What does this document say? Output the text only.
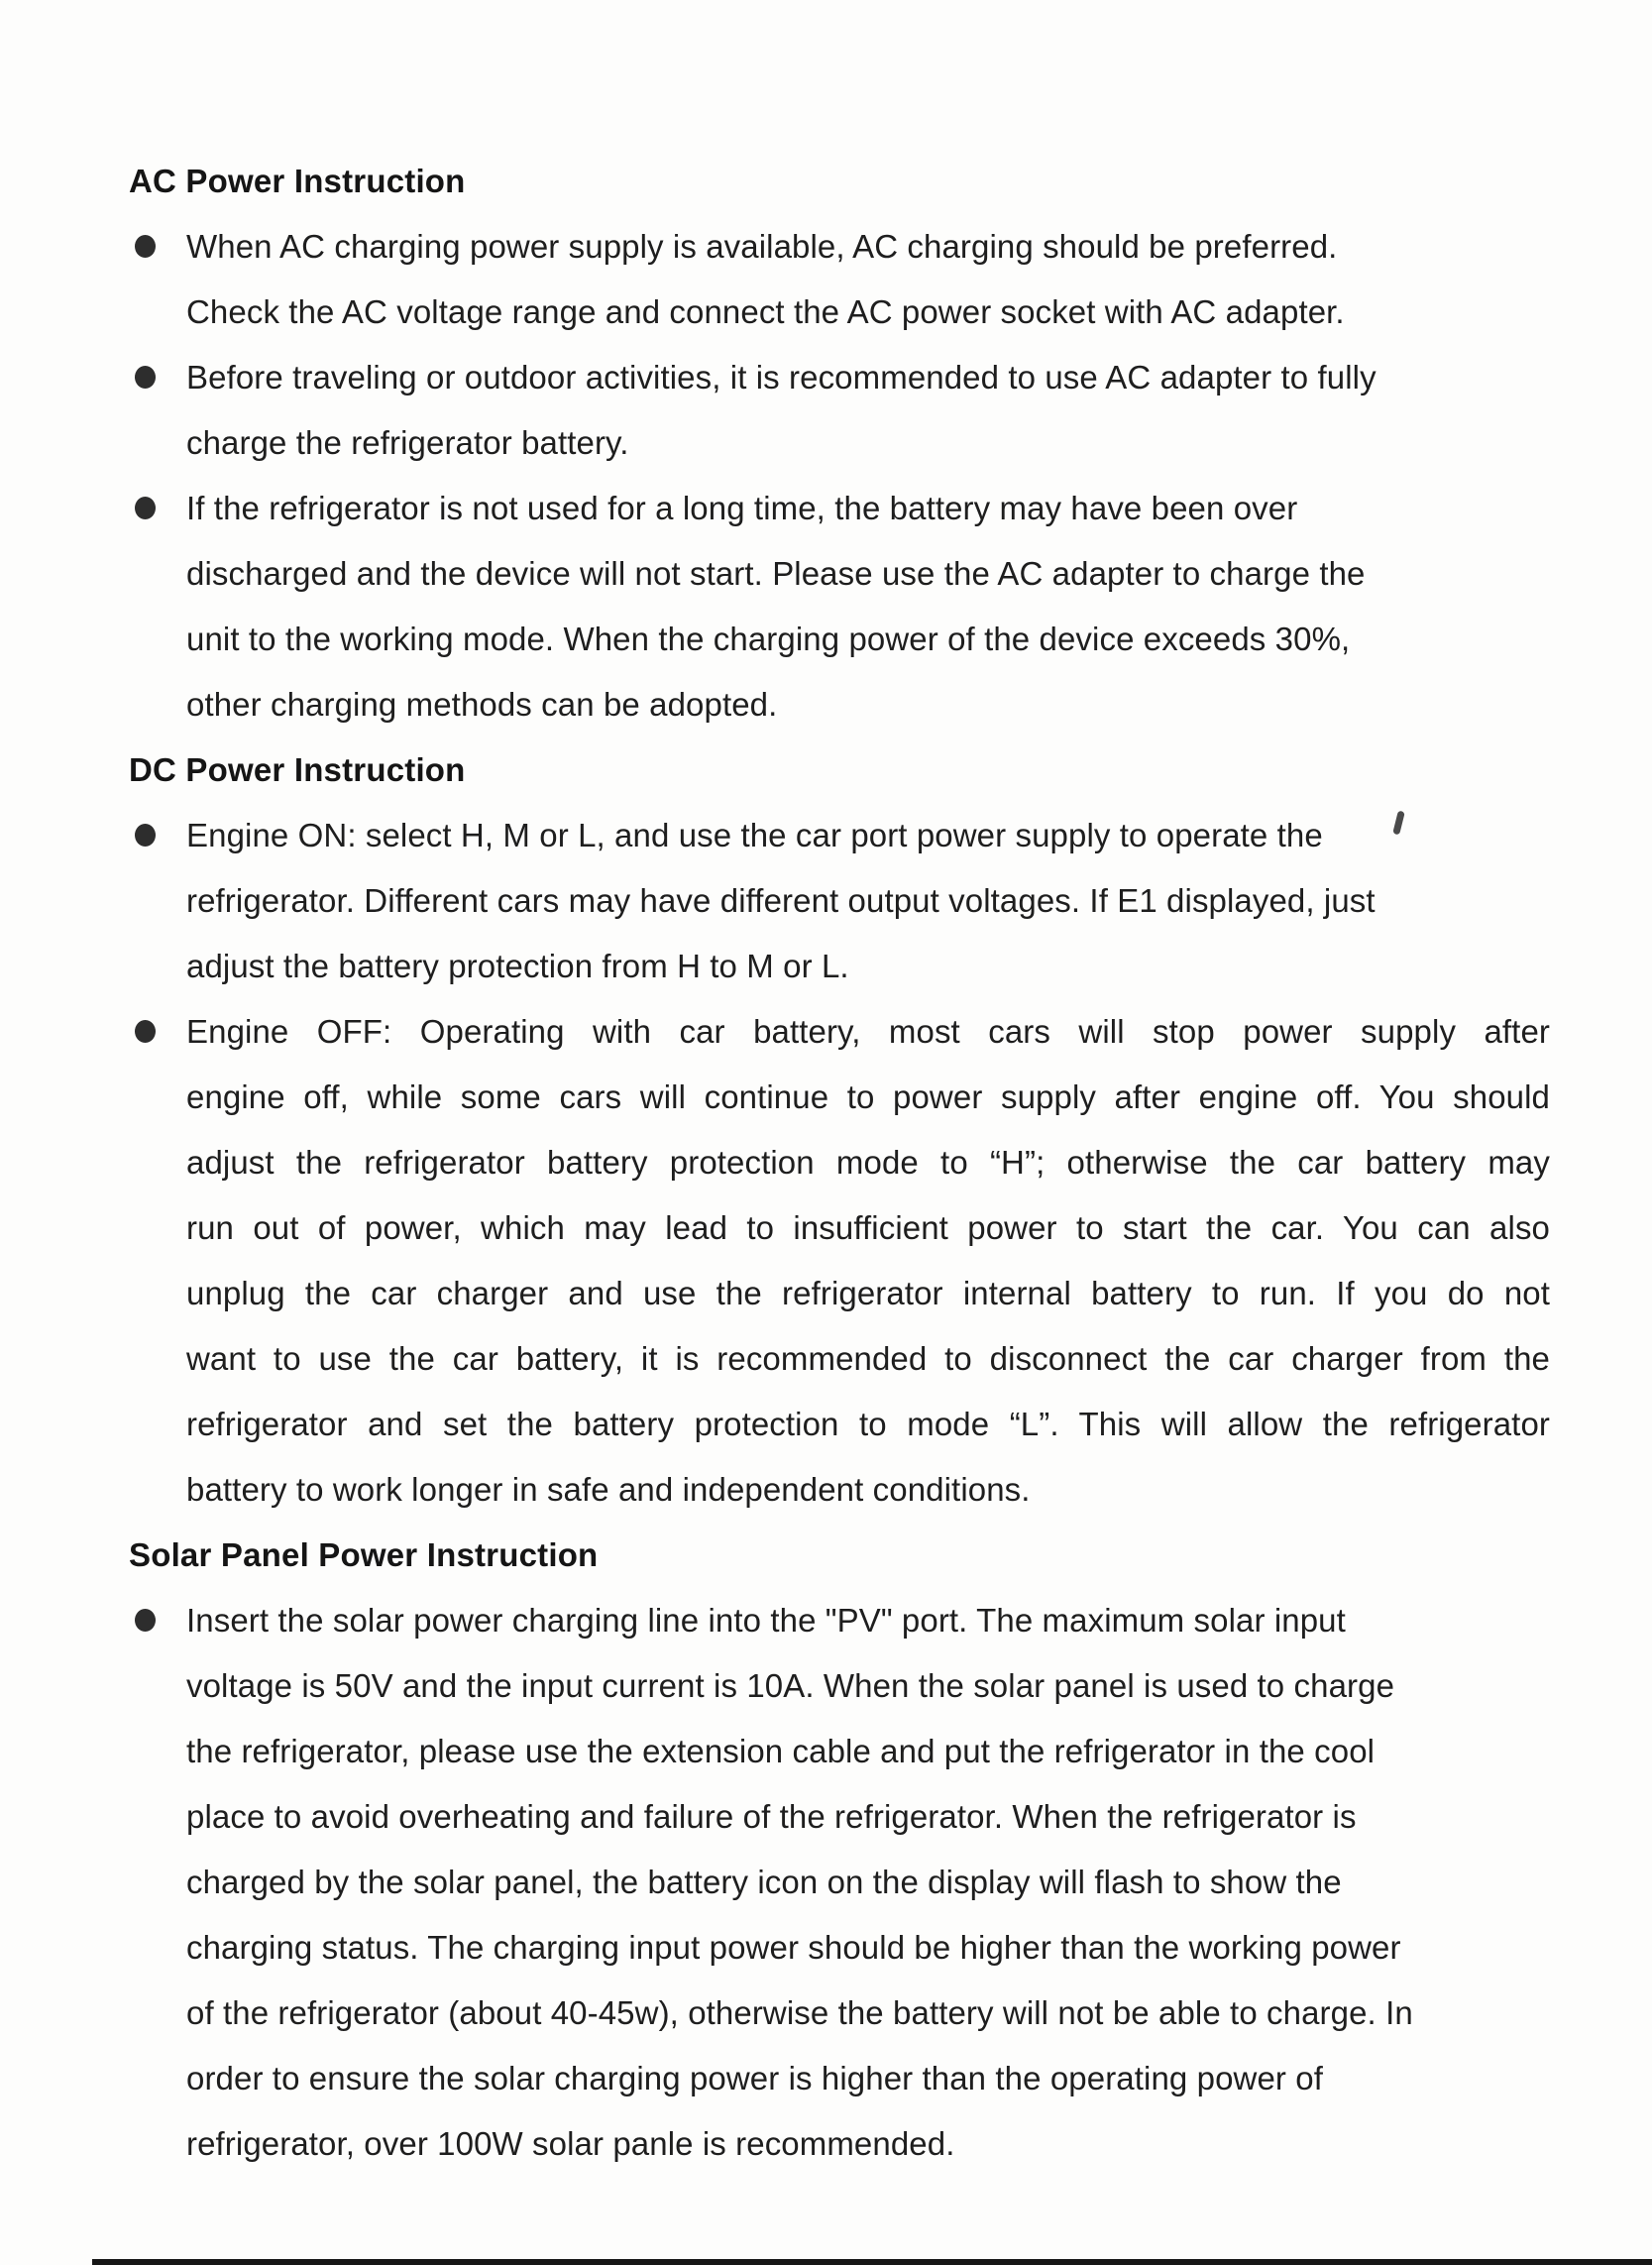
AC Power Instruction
When AC charging power supply is available, AC charging should be preferred.
Check the AC voltage range and connect the AC power socket with AC adapter.
Before traveling or outdoor activities, it is recommended to use AC adapter to fully
charge the refrigerator battery.
If the refrigerator is not used for a long time, the battery may have been over
discharged and the device will not start. Please use the AC adapter to charge the
unit to the working mode. When the charging power of the device exceeds 30%,
other charging methods can be adopted.
DC Power Instruction
Engine ON: select H, M or L, and use the car port power supply to operate the
refrigerator. Different cars may have different output voltages. If E1 displayed, just
adjust the battery protection from H to M or L.
Engine OFF: Operating with car battery, most cars will stop power supply after
engine off, while some cars will continue to power supply after engine off. You should
adjust the refrigerator battery protection mode to “H”; otherwise the car battery may
run out of power, which may lead to insufficient power to start the car. You can also
unplug the car charger and use the refrigerator internal battery to run. If you do not
want to use the car battery, it is recommended to disconnect the car charger from the
refrigerator and set the battery protection to mode “L”. This will allow the refrigerator
battery to work longer in safe and independent conditions.
Solar Panel Power Instruction
Insert the solar power charging line into the "PV" port. The maximum solar input
voltage is 50V and the input current is 10A. When the solar panel is used to charge
the refrigerator, please use the extension cable and put the refrigerator in the cool
place to avoid overheating and failure of the refrigerator. When the refrigerator is
charged by the solar panel, the battery icon on the display will flash to show the
charging status. The charging input power should be higher than the working power
of the refrigerator (about 40-45w), otherwise the battery will not be able to charge. In
order to ensure the solar charging power is higher than the operating power of
refrigerator, over 100W solar panle is recommended.
